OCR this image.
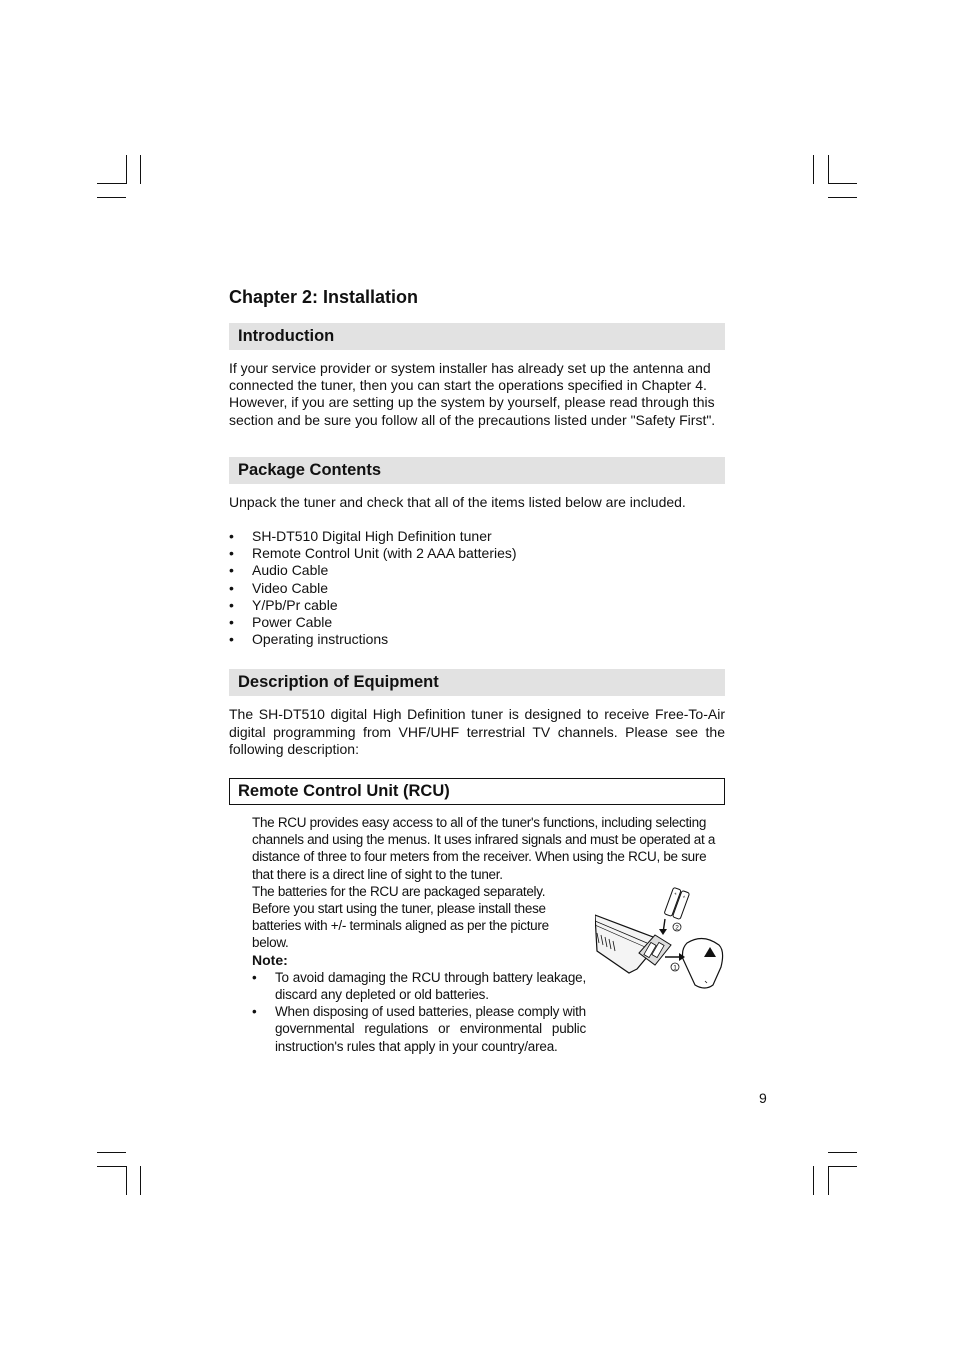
Chapter 2: Installation
Introduction

If your service provider or system installer has already set up the antenna and connected the tuner, then you can start the operations specified in Chapter 4. However, if you are setting up the system by yourself, please read through this section and be sure you follow all of the precautions listed under "Safety First".

Package Contents

Unpack the tuner and check that all of the items listed below are included.

• SH-DT510 Digital High Definition tuner
• Remote Control Unit (with 2 AAA batteries)
• Audio Cable
• Video Cable
• Y/Pb/Pr cable
• Power Cable
• Operating instructions
Description of Equipment

The SH-DT510 digital High Definition tuner is designed to receive Free-To-Air digital programming from VHF/UHF terrestrial TV channels. Please see the following description:

Remote Control Unit (RCU)

The RCU provides easy access to all of the tuner's functions, including selecting channels and using the menus. It uses infrared signals and must be operated at a distance of three to four meters from the receiver. When using the RCU, be sure that there is a direct line of sight to the tuner.

The batteries for the RCU are packaged separately. Before you start using the tuner, please install these batteries with +/- terminals aligned as per the picture below.

Note:
• To avoid damaging the RCU through battery leakage, discard any depleted or old batteries.
• When disposing of used batteries, please comply with governmental regulations or environmental public instruction's rules that apply in your country/area.
+ +
2
1
9
